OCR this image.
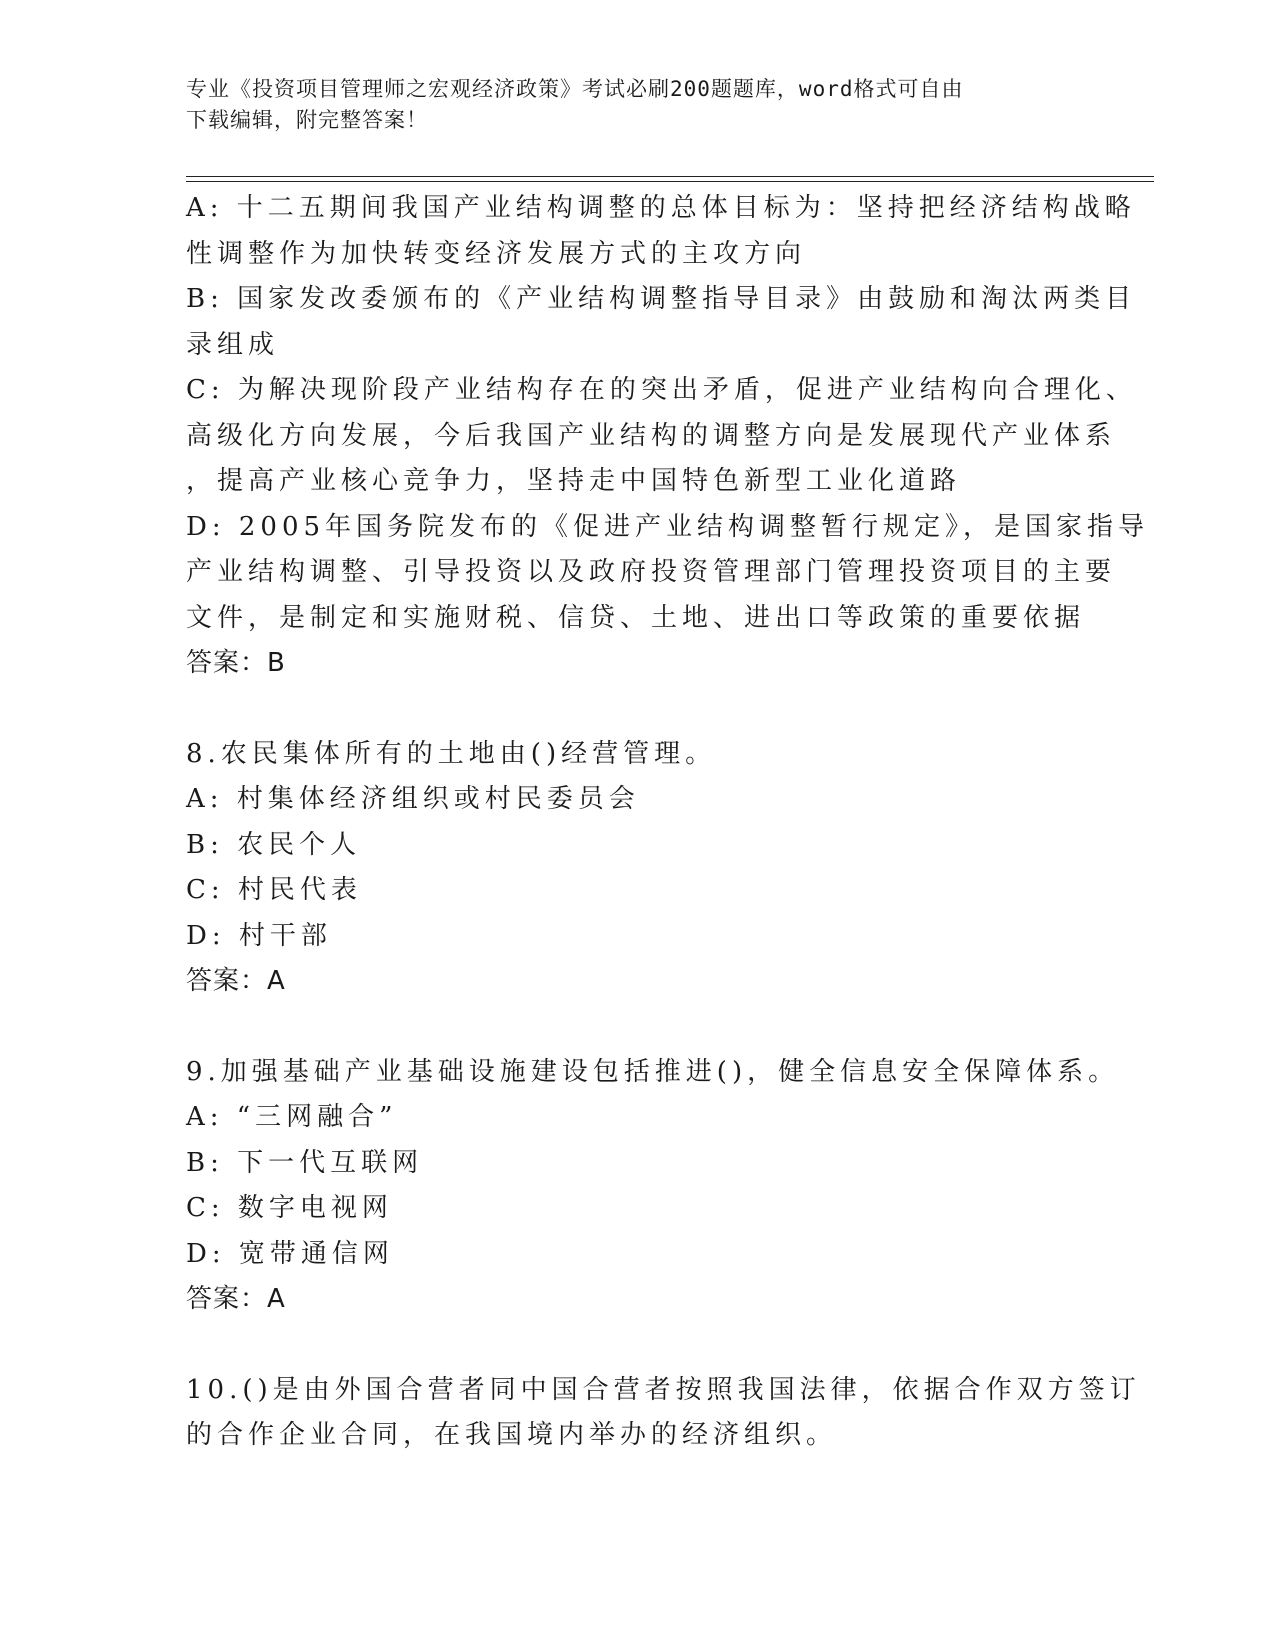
专业《投资项目管理师之宏观经济政策》考试必刷200题题库，word格式可自由
下载编辑，附完整答案！
A: 十二五期间我国产业结构调整的总体目标为：坚持把经济结构战略
性调整作为加快转变经济发展方式的主攻方向
B: 国家发改委颁布的《产业结构调整指导目录》由鼓励和淘汰两类目
录组成
C: 为解决现阶段产业结构存在的突出矛盾，促进产业结构向合理化、
高级化方向发展，今后我国产业结构的调整方向是发展现代产业体系
，提高产业核心竞争力，坚持走中国特色新型工业化道路
D: 2005年国务院发布的《促进产业结构调整暂行规定》，是国家指导
产业结构调整、引导投资以及政府投资管理部门管理投资项目的主要
文件，是制定和实施财税、信贷、土地、进出口等政策的重要依据
答案：B
8.农民集体所有的土地由()经营管理。
A: 村集体经济组织或村民委员会
B: 农民个人
C: 村民代表
D: 村干部
答案：A
9.加强基础产业基础设施建设包括推进()，健全信息安全保障体系。
A: “三网融合”
B: 下一代互联网
C: 数字电视网
D: 宽带通信网
答案：A
10.()是由外国合营者同中国合营者按照我国法律，依据合作双方签订
的合作企业合同，在我国境内举办的经济组织。
